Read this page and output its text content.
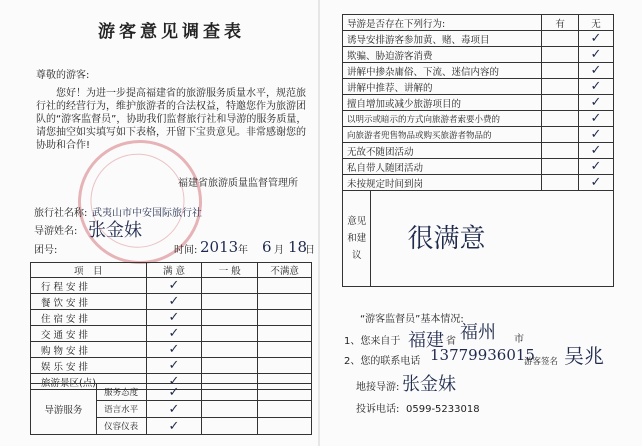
游客意见调查表
尊敬的游客:
您好！为进一步提高福建省的旅游服务质量水平，规范旅
行社的经营行为，维护旅游者的合法权益，特邀您作为旅游团
队的“游客监督员”，协助我们监督旅行社和导游的服务质量，
请您抽空如实填写如下表格，开留下宝贵意见。非常感谢您的
协助和合作!
福建省旅游质量监督管理所
旅行社名称: 武夷山市中安国际旅行社
导游姓名: 张金妹
团号:	时间: 2013 年 6 月 18
日
项　目	满 意	一 般	不满意
行 程 安 排	✓		
餐 饮 安 排	✓		
住 宿 安 排	✓		
交 通 安 排	✓		
购 物 安 排	✓		
娱 乐 安 排	✓		
旅游景区(点)	✓		
导游服务	服务态度	✓		
	语言水平	✓		
	仪容仪表	✓		
导游是否存在下列行为:		有	无
诱导安排游客参加黄、赌、毒项目			✓
欺骗、胁迫游客消费			✓
讲解中掺杂庸俗、下流、迷信内容的			✓
讲解中推荐、讲解的			✓
擅自增加或减少旅游项目的			✓
以明示或暗示的方式向旅游者索要小费的			✓
向旅游者兜售物品或购买旅游者物品的			✓
无故不随团活动			✓
私自带人随团活动			✓
未按规定时间到岗			✓
意见和建议	很满意		
“游客监督员”基本情况:
1、您来自于 福建 省 福州 市
2、您的联系电话 13779936015
游客签名 吴兆
地接导游: 张金妹
投诉电话: 0599-5233018
